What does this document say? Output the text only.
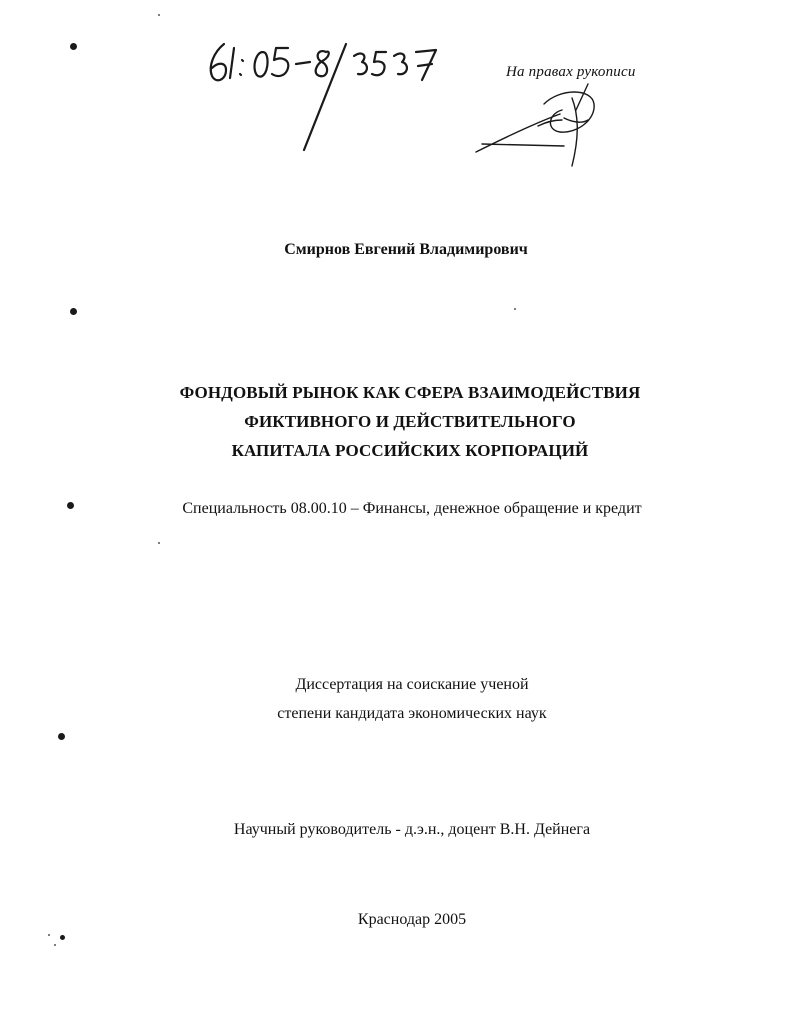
На правах рукописи
Смирнов Евгений Владимирович
ФОНДОВЫЙ РЫНОК КАК СФЕРА ВЗАИМОДЕЙСТВИЯ
ФИКТИВНОГО И ДЕЙСТВИТЕЛЬНОГО
КАПИТАЛА РОССИЙСКИХ КОРПОРАЦИЙ
Специальность 08.00.10 – Финансы, денежное обращение и кредит
Диссертация на соискание ученой
степени кандидата экономических наук
Научный руководитель - д.э.н., доцент В.Н. Дейнега
Краснодар 2005
